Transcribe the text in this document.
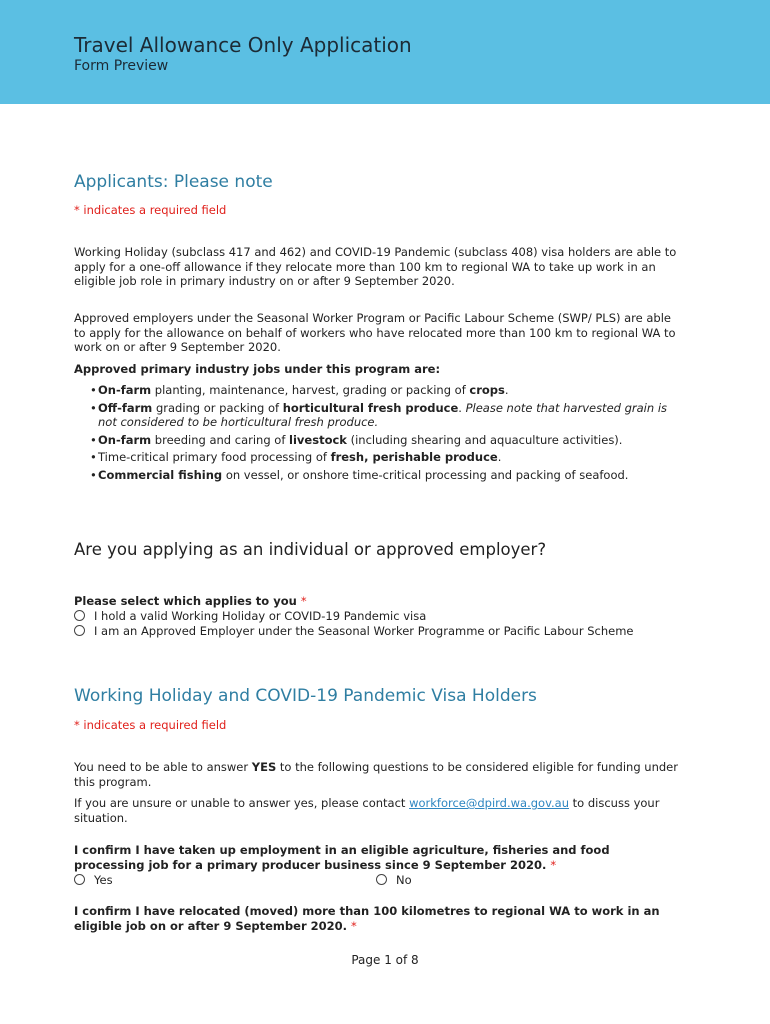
Travel Allowance Only Application
Form Preview
Applicants: Please note
* indicates a required field
Working Holiday (subclass 417 and 462) and COVID-19 Pandemic (subclass 408) visa holders are able to apply for a one-off allowance if they relocate more than 100 km to regional WA to take up work in an eligible job role in primary industry on or after 9 September 2020.
Approved employers under the Seasonal Worker Program or Pacific Labour Scheme (SWP/ PLS) are able to apply for the allowance on behalf of workers who have relocated more than 100 km to regional WA to work on or after 9 September 2020.
Approved primary industry jobs under this program are:
• On-farm planting, maintenance, harvest, grading or packing of crops.
• Off-farm grading or packing of horticultural fresh produce. Please note that harvested grain is not considered to be horticultural fresh produce.
• On-farm breeding and caring of livestock (including shearing and aquaculture activities).
• Time-critical primary food processing of fresh, perishable produce.
• Commercial fishing on vessel, or onshore time-critical processing and packing of seafood.
Are you applying as an individual or approved employer?
Please select which applies to you *
I hold a valid Working Holiday or COVID-19 Pandemic visa
I am an Approved Employer under the Seasonal Worker Programme or Pacific Labour Scheme
Working Holiday and COVID-19 Pandemic Visa Holders
* indicates a required field
You need to be able to answer YES to the following questions to be considered eligible for funding under this program.
If you are unsure or unable to answer yes, please contact workforce@dpird.wa.gov.au to discuss your situation.
I confirm I have taken up employment in an eligible agriculture, fisheries and food processing job for a primary producer business since 9 September 2020. *
Yes	No
I confirm I have relocated (moved) more than 100 kilometres to regional WA to work in an eligible job on or after 9 September 2020. *
Page 1 of 8
